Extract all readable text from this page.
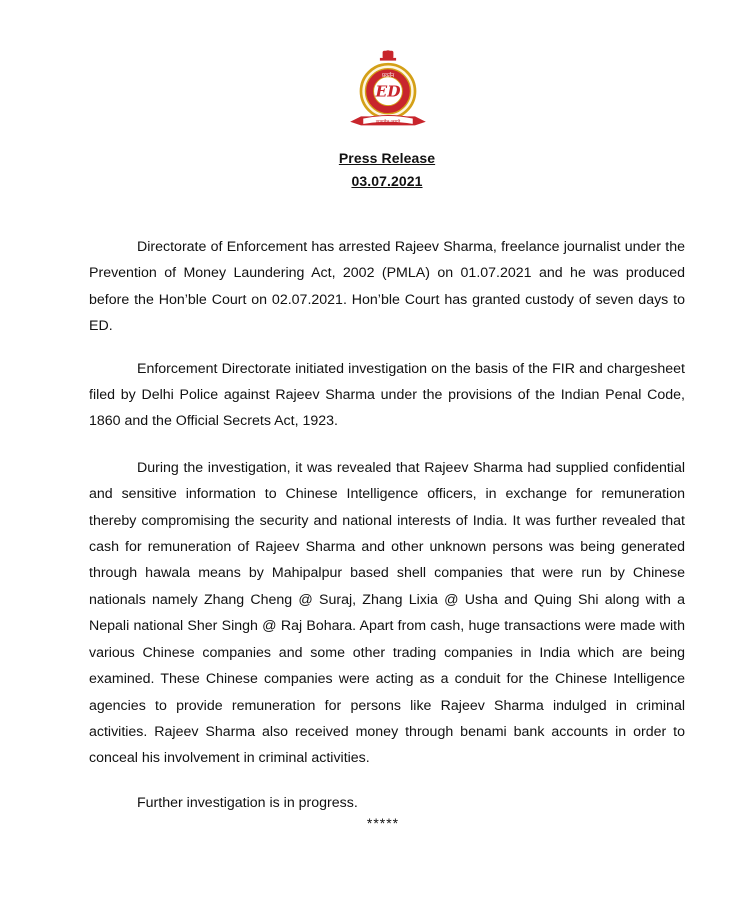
प्रवर्तन
ED
सत्यमेव जयते
Press Release
03.07.2021

Directorate of Enforcement has arrested Rajeev Sharma, freelance journalist under the Prevention of Money Laundering Act, 2002 (PMLA) on 01.07.2021 and he was produced before the Hon’ble Court on 02.07.2021. Hon’ble Court has granted custody of seven days to ED.

Enforcement Directorate initiated investigation on the basis of the FIR and chargesheet filed by Delhi Police against Rajeev Sharma under the provisions of the Indian Penal Code, 1860 and the Official Secrets Act, 1923.

During the investigation, it was revealed that Rajeev Sharma had supplied confidential and sensitive information to Chinese Intelligence officers, in exchange for remuneration thereby compromising the security and national interests of India. It was further revealed that cash for remuneration of Rajeev Sharma and other unknown persons was being generated through hawala means by Mahipalpur based shell companies that were run by Chinese nationals namely Zhang Cheng @ Suraj, Zhang Lixia @ Usha and Quing Shi along with a Nepali national Sher Singh @ Raj Bohara. Apart from cash, huge transactions were made with various Chinese companies and some other trading companies in India which are being examined. These Chinese companies were acting as a conduit for the Chinese Intelligence agencies to provide remuneration for persons like Rajeev Sharma indulged in criminal activities. Rajeev Sharma also received money through benami bank accounts in order to conceal his involvement in criminal activities.

Further investigation is in progress.

*****
